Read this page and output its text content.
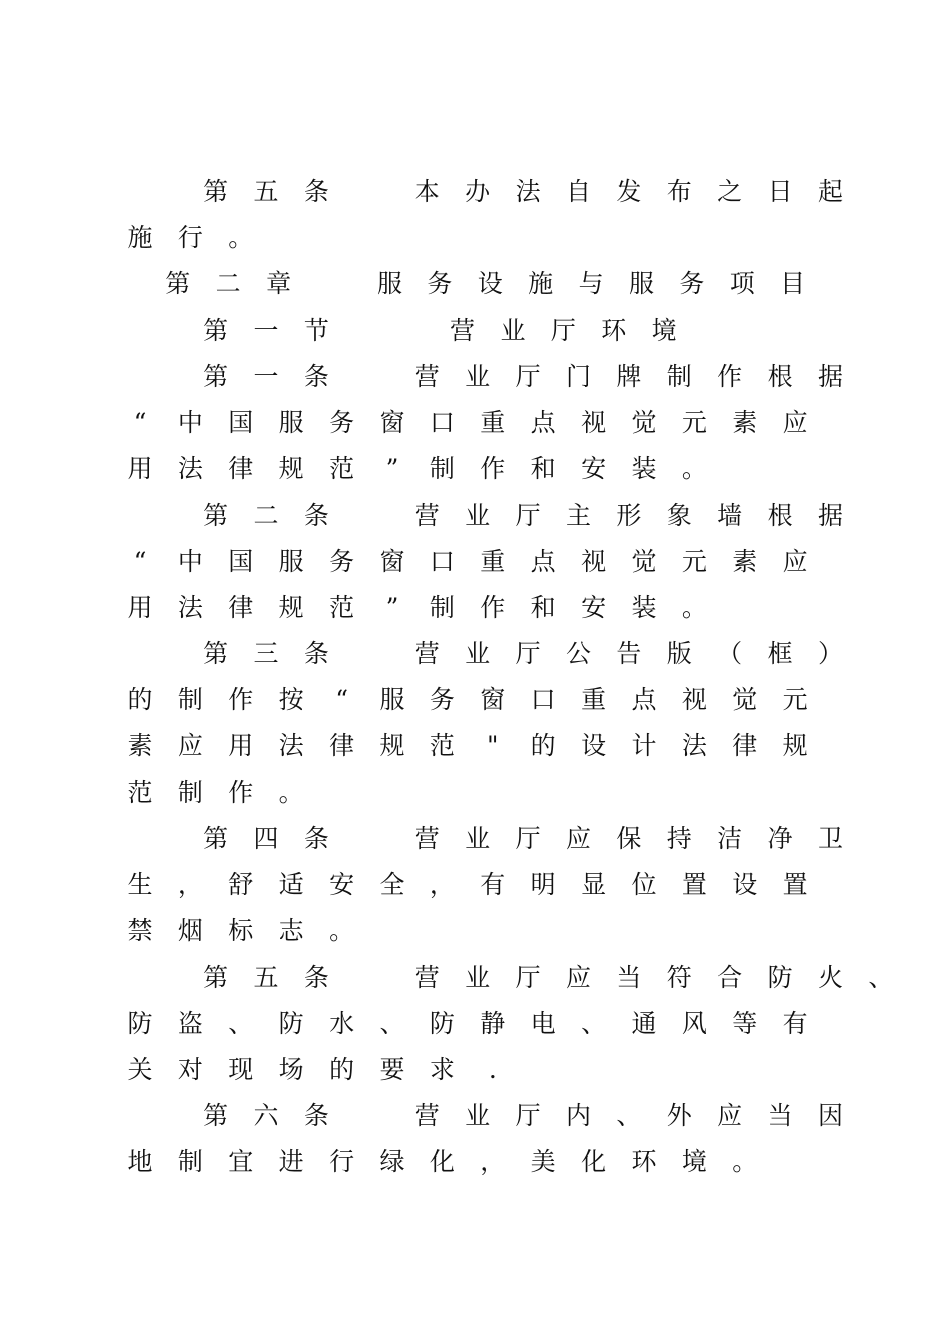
第 五 条	本 办 法 自 发 布 之 日 起
施 行 。
第 二 章	服 务 设 施 与 服 务 项 目
第 一 节	营 业 厅 环 境
第 一 条	营 业 厅 门 牌 制 作 根 据
“	中 国 服 务 窗 口 重 点 视 觉 元 素 应
用 法 律 规 范	”	制 作 和 安 装 。
第 二 条	营 业 厅 主 形 象 墙 根 据
“	中 国 服 务 窗 口 重 点 视 觉 元 素 应
用 法 律 规 范	”	制 作 和 安 装 。
第 三 条	营 业 厅 公 告 版 （ 框 ）
的 制 作 按	“	服 务 窗 口 重 点 视 觉 元
素 应 用 法 律 规 范	"	的 设 计 法 律 规
范 制 作 。
第 四 条	营 业 厅 应 保 持 洁 净 卫
生 ， 舒 适 安 全 ， 有 明 显 位 置 设 置
禁 烟 标 志 。
第 五 条	营 业 厅 应 当 符 合 防 火 、
防 盗 、 防 水 、 防 静 电 、 通 风 等 有
关 对 现 场 的 要 求	.
第 六 条	营 业 厅 内 、 外 应 当 因
地 制 宜 进 行 绿 化 ， 美 化 环 境 。
